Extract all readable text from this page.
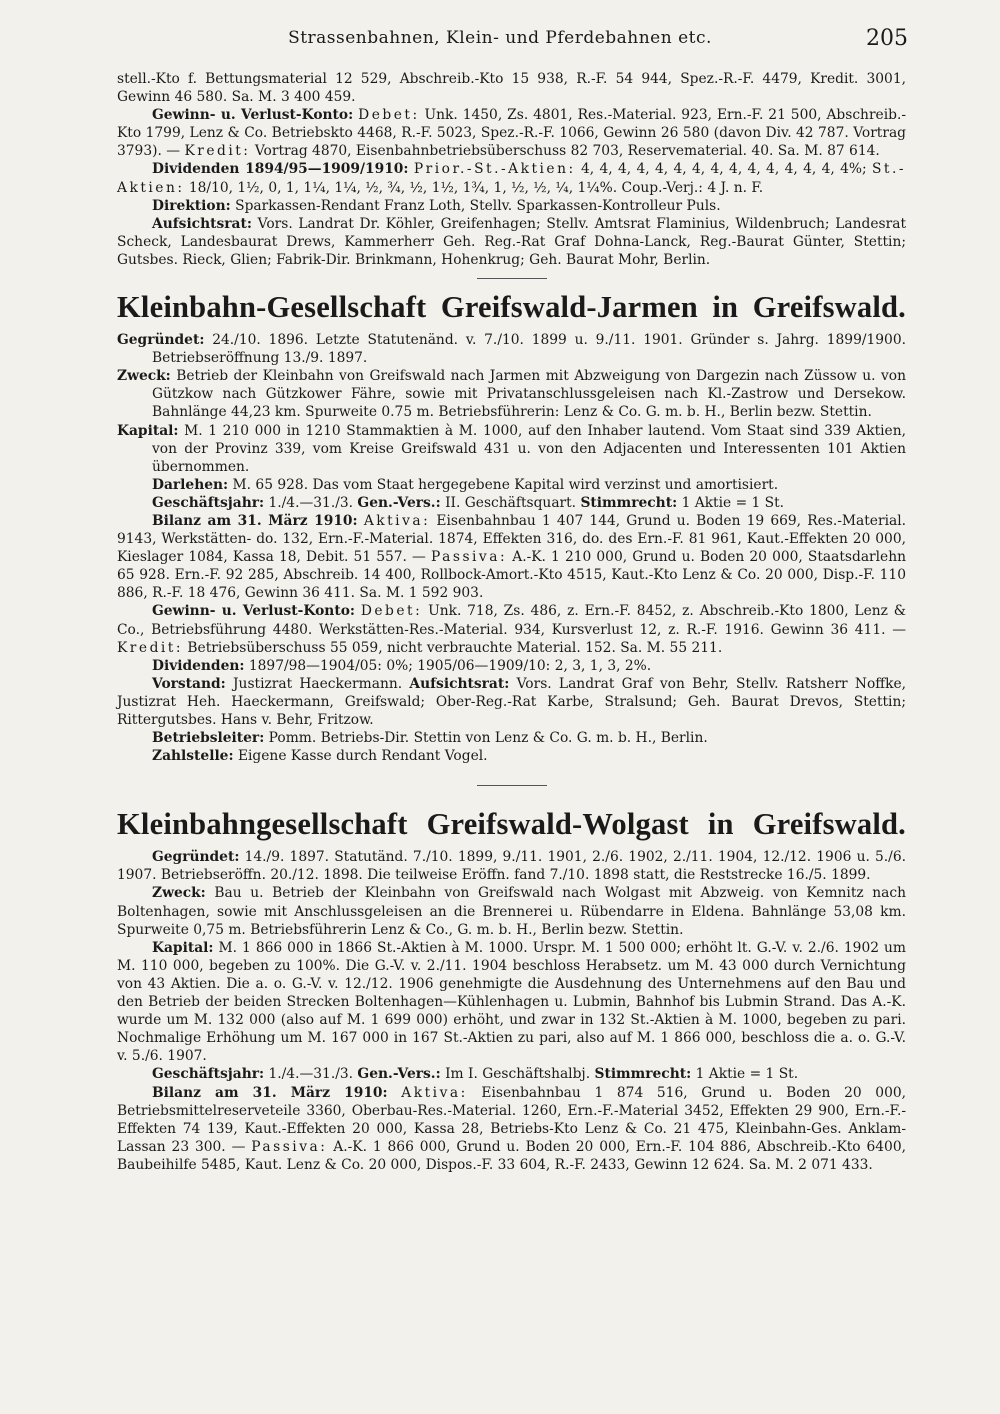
Strassenbahnen, Klein- und Pferdebahnen etc.	205

stell.-Kto f. Bettungsmaterial 12 529, Abschreib.-Kto 15 938, R.-F. 54 944, Spez.-R.-F. 4479, Kredit. 3001, Gewinn 46 580. Sa. M. 3 400 459.

Gewinn- u. Verlust-Konto: Debet: Unk. 1450, Zs. 4801, Res.-Material. 923, Ern.-F. 21 500, Abschreib.-Kto 1799, Lenz & Co. Betriebskto 4468, R.-F. 5023, Spez.-R.-F. 1066, Gewinn 26 580 (davon Div. 42 787. Vortrag 3793). — Kredit: Vortrag 4870, Eisenbahnbetriebsüberschuss 82 703, Reservematerial. 40. Sa. M. 87 614.

Dividenden 1894/95—1909/1910: Prior.-St.-Aktien: 4, 4, 4, 4, 4, 4, 4, 4, 4, 4, 4, 4, 4, 4, 4%; St.-Aktien: 18/10, 1½, 0, 1, 1¼, 1¼, ½, ¾, ½, 1½, 1¾, 1, ½, ½, ¼, 1¼%. Coup.-Verj.: 4 J. n. F.

Direktion: Sparkassen-Rendant Franz Loth, Stellv. Sparkassen-Kontrolleur Puls.

Aufsichtsrat: Vors. Landrat Dr. Köhler, Greifenhagen; Stellv. Amtsrat Flaminius, Wildenbruch; Landesrat Scheck, Landesbaurat Drews, Kammerherr Geh. Reg.-Rat Graf Dohna-Lanck, Reg.-Baurat Günter, Stettin; Gutsbes. Rieck, Glien; Fabrik-Dir. Brinkmann, Hohenkrug; Geh. Baurat Mohr, Berlin.

Kleinbahn-Gesellschaft Greifswald-Jarmen in Greifswald.

Gegründet: 24./10. 1896. Letzte Statutenänd. v. 7./10. 1899 u. 9./11. 1901. Gründer s. Jahrg. 1899/1900. Betriebseröffnung 13./9. 1897.

Zweck: Betrieb der Kleinbahn von Greifswald nach Jarmen mit Abzweigung von Dargezin nach Züssow u. von Gützkow nach Gützkower Fähre, sowie mit Privatanschlussgeleisen nach Kl.-Zastrow und Dersekow. Bahnlänge 44,23 km. Spurweite 0.75 m. Betriebsführerin: Lenz & Co. G. m. b. H., Berlin bezw. Stettin.

Kapital: M. 1 210 000 in 1210 Stammaktien à M. 1000, auf den Inhaber lautend. Vom Staat sind 339 Aktien, von der Provinz 339, vom Kreise Greifswald 431 u. von den Adjacenten und Interessenten 101 Aktien übernommen.

Darlehen: M. 65 928. Das vom Staat hergegebene Kapital wird verzinst und amortisiert.

Geschäftsjahr: 1./4.—31./3. Gen.-Vers.: II. Geschäftsquart. Stimmrecht: 1 Aktie = 1 St.

Bilanz am 31. März 1910: Aktiva: Eisenbahnbau 1 407 144, Grund u. Boden 19 669, Res.-Material. 9143, Werkstätten- do. 132, Ern.-F.-Material. 1874, Effekten 316, do. des Ern.-F. 81 961, Kaut.-Effekten 20 000, Kieslager 1084, Kassa 18, Debit. 51 557. — Passiva: A.-K. 1 210 000, Grund u. Boden 20 000, Staatsdarlehn 65 928. Ern.-F. 92 285, Abschreib. 14 400, Rollbock-Amort.-Kto 4515, Kaut.-Kto Lenz & Co. 20 000, Disp.-F. 110 886, R.-F. 18 476, Gewinn 36 411. Sa. M. 1 592 903.

Gewinn- u. Verlust-Konto: Debet: Unk. 718, Zs. 486, z. Ern.-F. 8452, z. Abschreib.-Kto 1800, Lenz & Co., Betriebsführung 4480. Werkstätten-Res.-Material. 934, Kursverlust 12, z. R.-F. 1916. Gewinn 36 411. — Kredit: Betriebsüberschuss 55 059, nicht verbrauchte Material. 152. Sa. M. 55 211.

Dividenden: 1897/98—1904/05: 0%; 1905/06—1909/10: 2, 3, 1, 3, 2%.

Vorstand: Justizrat Haeckermann. Aufsichtsrat: Vors. Landrat Graf von Behr, Stellv. Ratsherr Noffke, Justizrat Heh. Haeckermann, Greifswald; Ober-Reg.-Rat Karbe, Stralsund; Geh. Baurat Drevos, Stettin; Rittergutsbes. Hans v. Behr, Fritzow.

Betriebsleiter: Pomm. Betriebs-Dir. Stettin von Lenz & Co. G. m. b. H., Berlin.

Zahlstelle: Eigene Kasse durch Rendant Vogel.

Kleinbahngesellschaft Greifswald-Wolgast in Greifswald.

Gegründet: 14./9. 1897. Statutänd. 7./10. 1899, 9./11. 1901, 2./6. 1902, 2./11. 1904, 12./12. 1906 u. 5./6. 1907. Betriebseröffn. 20./12. 1898. Die teilweise Eröffn. fand 7./10. 1898 statt, die Reststrecke 16./5. 1899.

Zweck: Bau u. Betrieb der Kleinbahn von Greifswald nach Wolgast mit Abzweig. von Kemnitz nach Boltenhagen, sowie mit Anschlussgeleisen an die Brennerei u. Rübendarre in Eldena. Bahnlänge 53,08 km. Spurweite 0,75 m. Betriebsführerin Lenz & Co., G. m. b. H., Berlin bezw. Stettin.

Kapital: M. 1 866 000 in 1866 St.-Aktien à M. 1000. Urspr. M. 1 500 000; erhöht lt. G.-V. v. 2./6. 1902 um M. 110 000, begeben zu 100%. Die G.-V. v. 2./11. 1904 beschloss Herabsetz. um M. 43 000 durch Vernichtung von 43 Aktien. Die a. o. G.-V. v. 12./12. 1906 genehmigte die Ausdehnung des Unternehmens auf den Bau und den Betrieb der beiden Strecken Boltenhagen—Kühlenhagen u. Lubmin, Bahnhof bis Lubmin Strand. Das A.-K. wurde um M. 132 000 (also auf M. 1 699 000) erhöht, und zwar in 132 St.-Aktien à M. 1000, begeben zu pari. Nochmalige Erhöhung um M. 167 000 in 167 St.-Aktien zu pari, also auf M. 1 866 000, beschloss die a. o. G.-V. v. 5./6. 1907.

Geschäftsjahr: 1./4.—31./3. Gen.-Vers.: Im I. Geschäftshalbj. Stimmrecht: 1 Aktie = 1 St.

Bilanz am 31. März 1910: Aktiva: Eisenbahnbau 1 874 516, Grund u. Boden 20 000, Betriebsmittelreserveteile 3360, Oberbau-Res.-Material. 1260, Ern.-F.-Material 3452, Effekten 29 900, Ern.-F.-Effekten 74 139, Kaut.-Effekten 20 000, Kassa 28, Betriebs-Kto Lenz & Co. 21 475, Kleinbahn-Ges. Anklam-Lassan 23 300. — Passiva: A.-K. 1 866 000, Grund u. Boden 20 000, Ern.-F. 104 886, Abschreib.-Kto 6400, Baubeihilfe 5485, Kaut. Lenz & Co. 20 000, Dispos.-F. 33 604, R.-F. 2433, Gewinn 12 624. Sa. M. 2 071 433.
